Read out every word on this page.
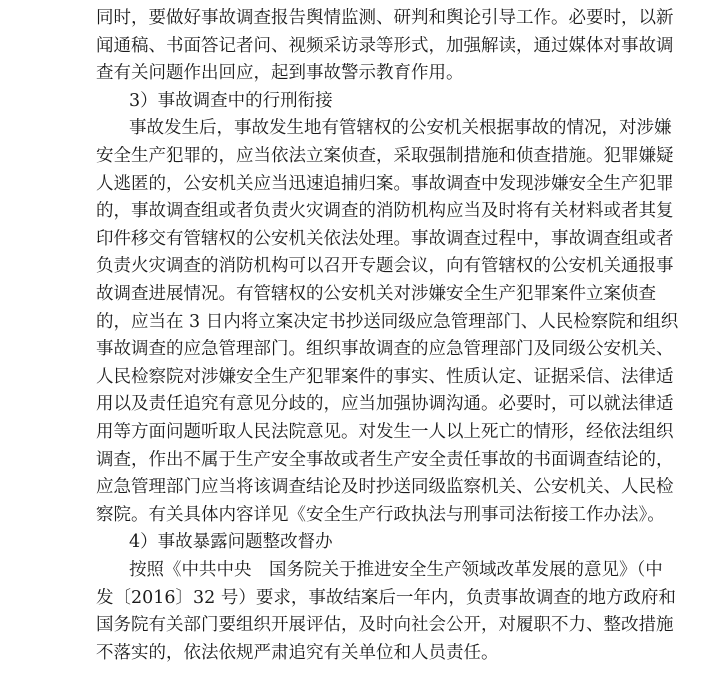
同时，要做好事故调查报告舆情监测、研判和舆论引导工作。必要时，以新
闻通稿、书面答记者问、视频采访录等形式，加强解读，通过媒体对事故调
查有关问题作出回应，起到事故警示教育作用。
3）事故调查中的行刑衔接
事故发生后，事故发生地有管辖权的公安机关根据事故的情况，对涉嫌
安全生产犯罪的，应当依法立案侦查，采取强制措施和侦查措施。犯罪嫌疑
人逃匿的，公安机关应当迅速追捕归案。事故调查中发现涉嫌安全生产犯罪
的，事故调查组或者负责火灾调查的消防机构应当及时将有关材料或者其复
印件移交有管辖权的公安机关依法处理。事故调查过程中，事故调查组或者
负责火灾调查的消防机构可以召开专题会议，向有管辖权的公安机关通报事
故调查进展情况。有管辖权的公安机关对涉嫌安全生产犯罪案件立案侦查
的，应当在 3 日内将立案决定书抄送同级应急管理部门、人民检察院和组织
事故调查的应急管理部门。组织事故调查的应急管理部门及同级公安机关、
人民检察院对涉嫌安全生产犯罪案件的事实、性质认定、证据采信、法律适
用以及责任追究有意见分歧的，应当加强协调沟通。必要时，可以就法律适
用等方面问题听取人民法院意见。对发生一人以上死亡的情形，经依法组织
调查，作出不属于生产安全事故或者生产安全责任事故的书面调查结论的，
应急管理部门应当将该调查结论及时抄送同级监察机关、公安机关、人民检
察院。有关具体内容详见《安全生产行政执法与刑事司法衔接工作办法》。
4）事故暴露问题整改督办
按照《中共中央　国务院关于推进安全生产领域改革发展的意见》（中
发〔2016〕32 号）要求，事故结案后一年内，负责事故调查的地方政府和
国务院有关部门要组织开展评估，及时向社会公开，对履职不力、整改措施
不落实的，依法依规严肃追究有关单位和人员责任。
